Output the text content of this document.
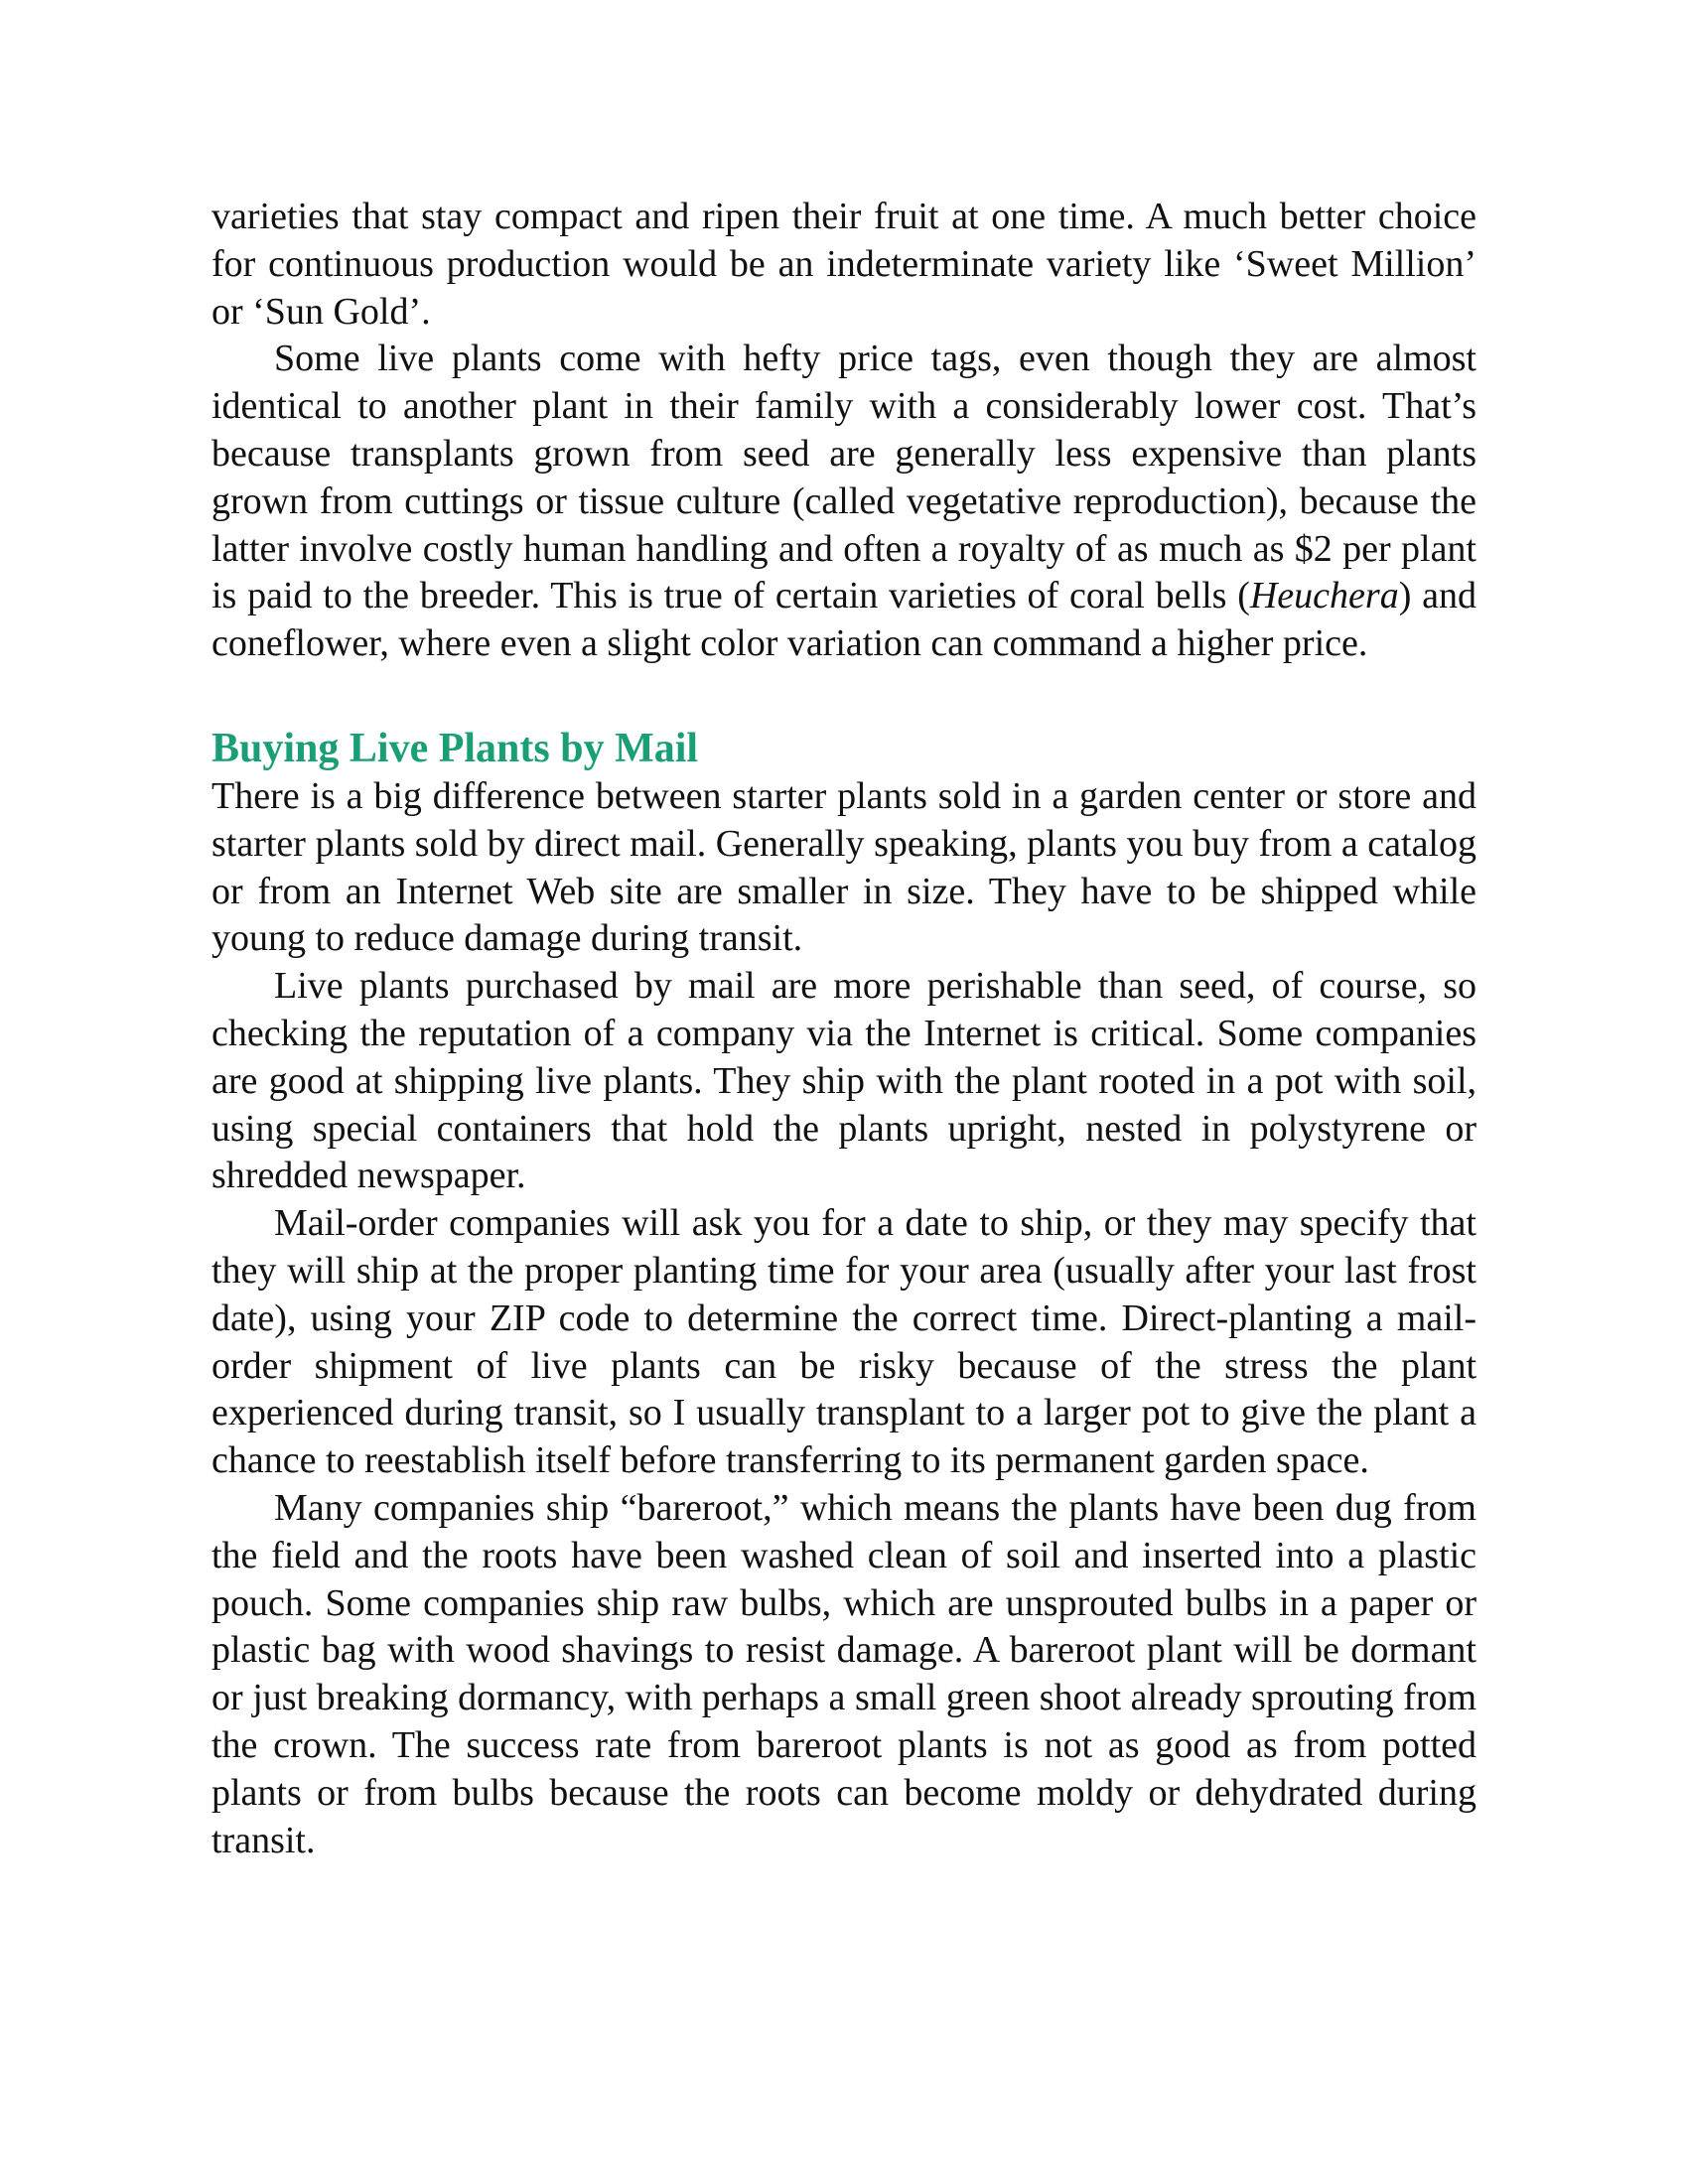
varieties that stay compact and ripen their fruit at one time. A much better choice for continuous production would be an indeterminate variety like ‘Sweet Million’ or ‘Sun Gold’.

Some live plants come with hefty price tags, even though they are almost identical to another plant in their family with a considerably lower cost. That’s because transplants grown from seed are generally less expensive than plants grown from cuttings or tissue culture (called vegetative reproduction), because the latter involve costly human handling and often a royalty of as much as $2 per plant is paid to the breeder. This is true of certain varieties of coral bells (Heuchera) and coneflower, where even a slight color variation can command a higher price.

Buying Live Plants by Mail

There is a big difference between starter plants sold in a garden center or store and starter plants sold by direct mail. Generally speaking, plants you buy from a catalog or from an Internet Web site are smaller in size. They have to be shipped while young to reduce damage during transit.

Live plants purchased by mail are more perishable than seed, of course, so checking the reputation of a company via the Internet is critical. Some companies are good at shipping live plants. They ship with the plant rooted in a pot with soil, using special containers that hold the plants upright, nested in polystyrene or shredded newspaper.

Mail-order companies will ask you for a date to ship, or they may specify that they will ship at the proper planting time for your area (usually after your last frost date), using your ZIP code to determine the correct time. Direct-planting a mail-order shipment of live plants can be risky because of the stress the plant experienced during transit, so I usually transplant to a larger pot to give the plant a chance to reestablish itself before transferring to its permanent garden space.

Many companies ship “bareroot,” which means the plants have been dug from the field and the roots have been washed clean of soil and inserted into a plastic pouch. Some companies ship raw bulbs, which are unsprouted bulbs in a paper or plastic bag with wood shavings to resist damage. A bareroot plant will be dormant or just breaking dormancy, with perhaps a small green shoot already sprouting from the crown. The success rate from bareroot plants is not as good as from potted plants or from bulbs because the roots can become moldy or dehydrated during transit.
